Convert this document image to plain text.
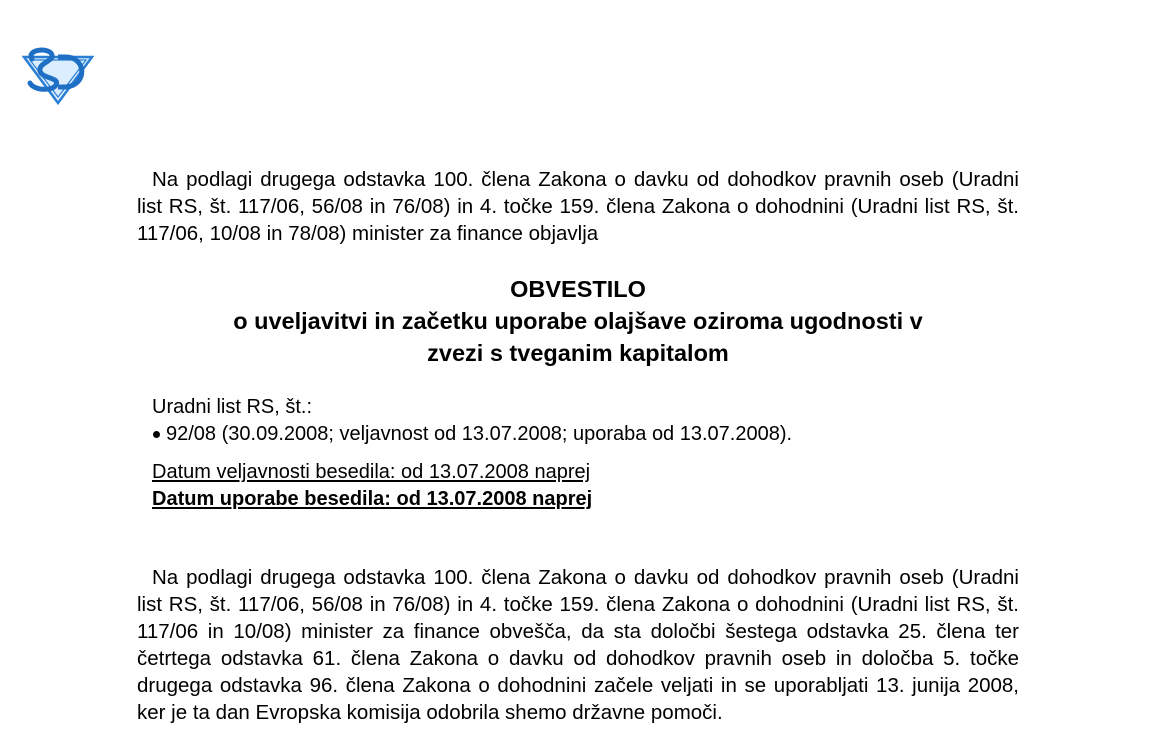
Na podlagi drugega odstavka 100. člena Zakona o davku od dohodkov pravnih oseb (Uradni list RS, št. 117/06, 56/08 in 76/08) in 4. točke 159. člena Zakona o dohodnini (Uradni list RS, št. 117/06, 10/08 in 78/08) minister za finance objavlja

OBVESTILO
o uveljavitvi in začetku uporabe olajšave oziroma ugodnosti v
zvezi s tveganim kapitalom
Uradni list RS, št.:
92/08 (30.09.2008; veljavnost od 13.07.2008; uporaba od 13.07.2008).
Datum veljavnosti besedila: od 13.07.2008 naprej
Datum uporabe besedila: od 13.07.2008 naprej

Na podlagi drugega odstavka 100. člena Zakona o davku od dohodkov pravnih oseb (Uradni list RS, št. 117/06, 56/08 in 76/08) in 4. točke 159. člena Zakona o dohodnini (Uradni list RS, št. 117/06 in 10/08) minister za finance obvešča, da sta določbi šestega odstavka 25. člena ter četrtega odstavka 61. člena Zakona o davku od dohodkov pravnih oseb in določba 5. točke drugega odstavka 96. člena Zakona o dohodnini začele veljati in se uporabljati 13. junija 2008, ker je ta dan Evropska komisija odobrila shemo državne pomoči.
